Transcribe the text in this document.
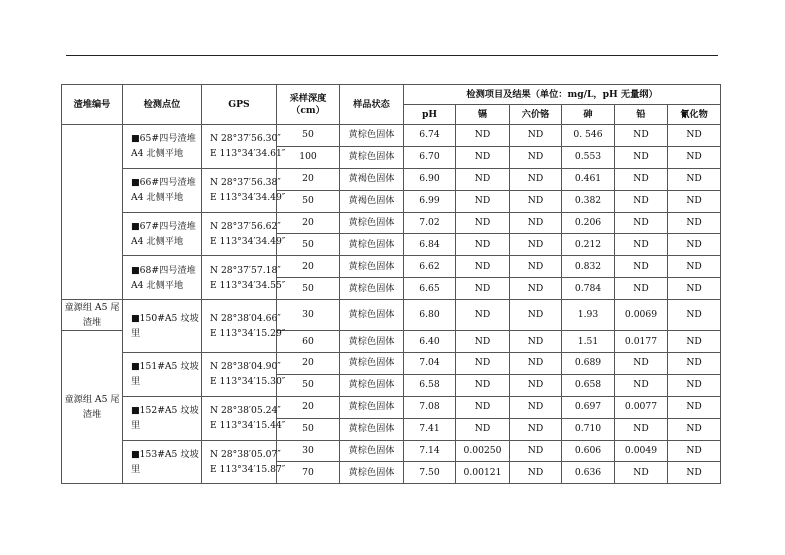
渣堆编号	检测点位	GPS	采样深度（cm）	样品状态	检测项目及结果（单位：mg/L，pH 无量纲）					
					pH	镉	六价铬	砷	铅	氰化物
	■65#四号渣堆 A4 北侧平地	N 28°37′56.30″
E 113°34′34.61″	50	黄棕色固体	6.74	ND	ND	0. 546	ND	ND
			100	黄棕色固体	6.70	ND	ND	0.553	ND	ND
	■66#四号渣堆 A4 北侧平地	N 28°37′56.38″
E 113°34′34.49″	20	黄褐色固体	6.90	ND	ND	0.461	ND	ND
			50	黄褐色固体	6.99	ND	ND	0.382	ND	ND
	■67#四号渣堆 A4 北侧平地	N 28°37′56.62″
E 113°34′34.49″	20	黄棕色固体	7.02	ND	ND	0.206	ND	ND
			50	黄棕色固体	6.84	ND	ND	0.212	ND	ND
	■68#四号渣堆 A4 北侧平地	N 28°37′57.18″
E 113°34′34.55″	20	黄棕色固体	6.62	ND	ND	0.832	ND	ND
			50	黄棕色固体	6.65	ND	ND	0.784	ND	ND
童源组 A5 尾渣堆	■150#A5 坟坡里	N 28°38′04.66″
E 113°34′15.29″	30	黄棕色固体	6.80	ND	ND	1.93	0.0069	ND
童源组 A5 尾渣堆			60	黄棕色固体	6.40	ND	ND	1.51	0.0177	ND
	■151#A5 坟坡里	N 28°38′04.90″
E 113°34′15.30″	20	黄棕色固体	7.04	ND	ND	0.689	ND	ND
			50	黄棕色固体	6.58	ND	ND	0.658	ND	ND
	■152#A5 坟坡里	N 28°38′05.24″
E 113°34′15.44″	20	黄棕色固体	7.08	ND	ND	0.697	0.0077	ND
			50	黄棕色固体	7.41	ND	ND	0.710	ND	ND
	■153#A5 坟坡里	N 28°38′05.07″
E 113°34′15.87″	30	黄棕色固体	7.14	0.00250	ND	0.606	0.0049	ND
			70	黄棕色固体	7.50	0.00121	ND	0.636	ND	ND
